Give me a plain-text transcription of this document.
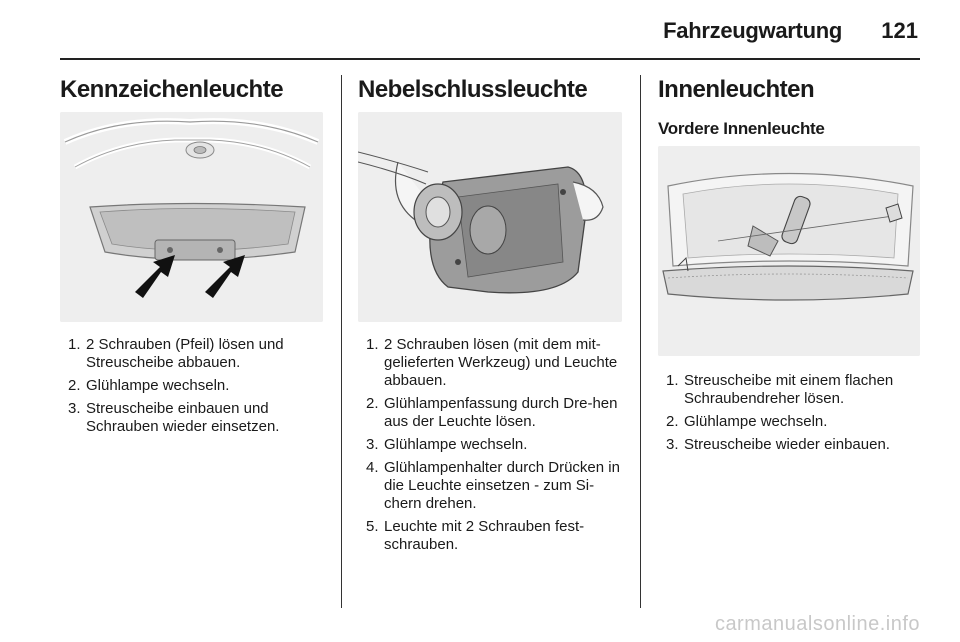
Fahrzeugwartung 121
Kennzeichenleuchte
1. 2 Schrauben (Pfeil) lösen und Streuscheibe abbauen.
2. Glühlampe wechseln.
3. Streuscheibe einbauen und Schrauben wieder einsetzen.
Nebelschlussleuchte
1. 2 Schrauben lösen (mit dem mit-gelieferten Werkzeug) und Leuchte abbauen.
2. Glühlampenfassung durch Dre-hen aus der Leuchte lösen.
3. Glühlampe wechseln.
4. Glühlampenhalter durch Drücken in die Leuchte einsetzen - zum Si-chern drehen.
5. Leuchte mit 2 Schrauben fest-schrauben.
Innenleuchten
Vordere Innenleuchte
1. Streuscheibe mit einem flachen Schraubendreher lösen.
2. Glühlampe wechseln.
3. Streuscheibe wieder einbauen.
carmanualsonline.info
